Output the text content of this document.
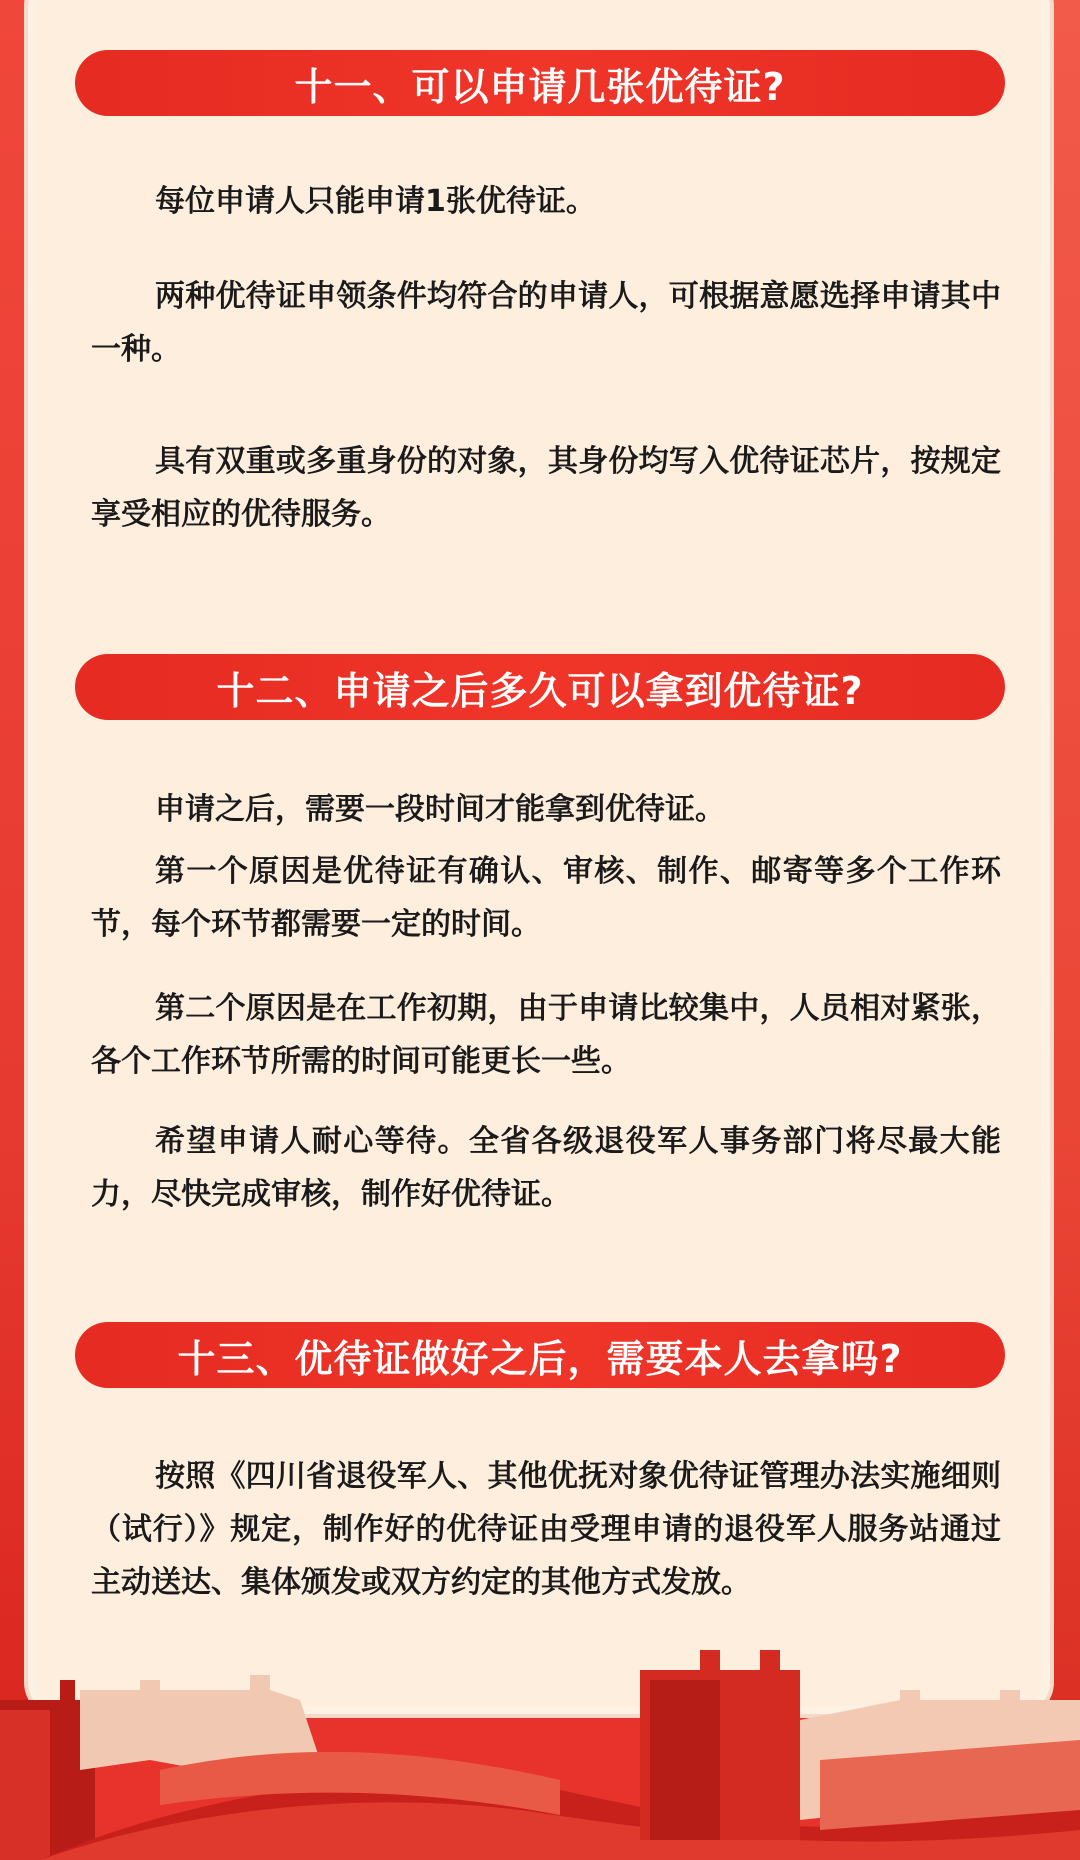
十一、可以申请几张优待证?
每位申请人只能申请1张优待证。
两种优待证申领条件均符合的申请人，可根据意愿选择申请其中一种。
具有双重或多重身份的对象，其身份均写入优待证芯片，按规定享受相应的优待服务。
十二、申请之后多久可以拿到优待证?
申请之后，需要一段时间才能拿到优待证。
第一个原因是优待证有确认、审核、制作、邮寄等多个工作环节，每个环节都需要一定的时间。
第二个原因是在工作初期，由于申请比较集中，人员相对紧张，各个工作环节所需的时间可能更长一些。
希望申请人耐心等待。全省各级退役军人事务部门将尽最大能力，尽快完成审核，制作好优待证。
十三、优待证做好之后，需要本人去拿吗?
按照《四川省退役军人、其他优抚对象优待证管理办法实施细则（试行）》规定，制作好的优待证由受理申请的退役军人服务站通过主动送达、集体颁发或双方约定的其他方式发放。
